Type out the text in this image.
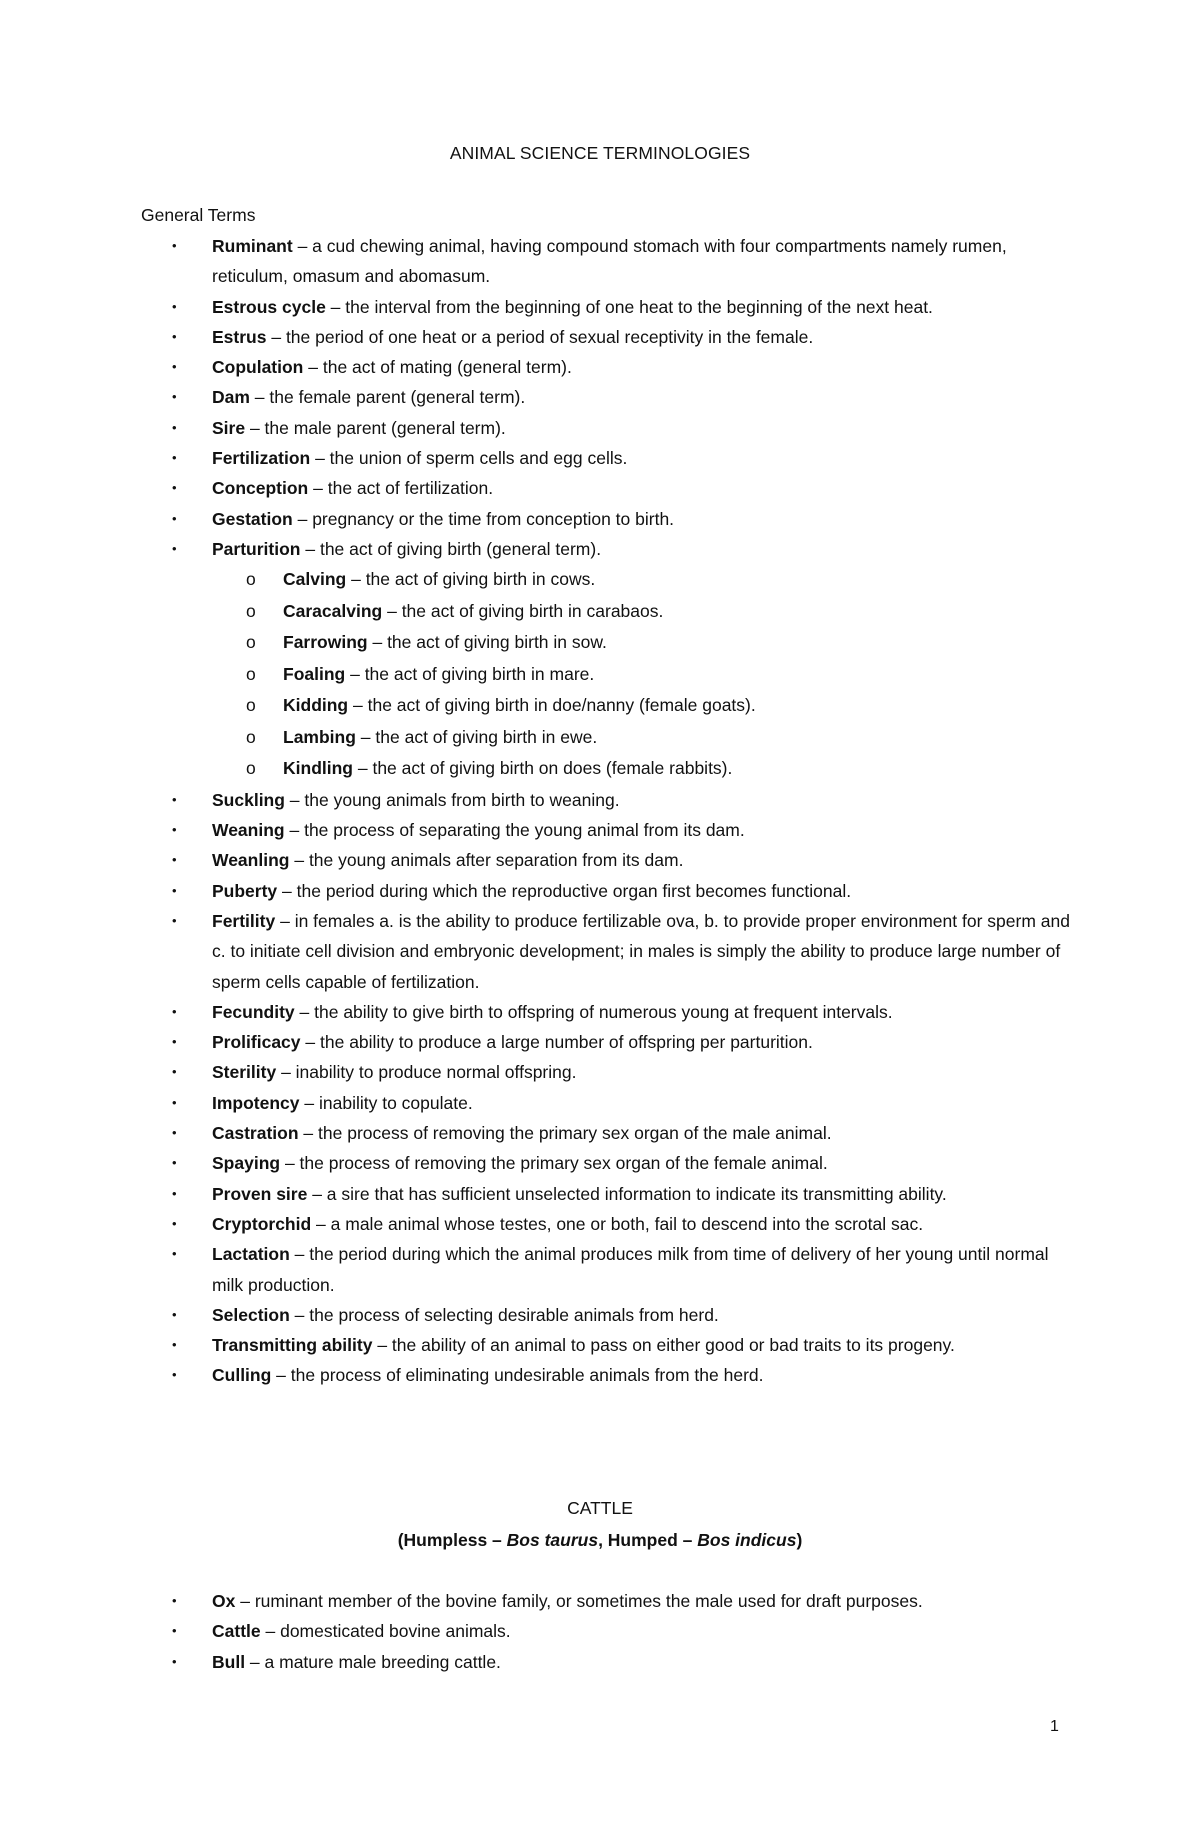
ANIMAL SCIENCE TERMINOLOGIES
General Terms
• Ruminant – a cud chewing animal, having compound stomach with four compartments namely rumen, reticulum, omasum and abomasum.
• Estrous cycle – the interval from the beginning of one heat to the beginning of the next heat.
• Estrus – the period of one heat or a period of sexual receptivity in the female.
• Copulation – the act of mating (general term).
• Dam – the female parent (general term).
• Sire – the male parent (general term).
• Fertilization – the union of sperm cells and egg cells.
• Conception – the act of fertilization.
• Gestation – pregnancy or the time from conception to birth.
• Parturition – the act of giving birth (general term).
o Calving – the act of giving birth in cows.
o Caracalving – the act of giving birth in carabaos.
o Farrowing – the act of giving birth in sow.
o Foaling – the act of giving birth in mare.
o Kidding – the act of giving birth in doe/nanny (female goats).
o Lambing – the act of giving birth in ewe.
o Kindling – the act of giving birth on does (female rabbits).
• Suckling – the young animals from birth to weaning.
• Weaning – the process of separating the young animal from its dam.
• Weanling – the young animals after separation from its dam.
• Puberty – the period during which the reproductive organ first becomes functional.
• Fertility – in females a. is the ability to produce fertilizable ova, b. to provide proper environment for sperm and c. to initiate cell division and embryonic development; in males is simply the ability to produce large number of sperm cells capable of fertilization.
• Fecundity – the ability to give birth to offspring of numerous young at frequent intervals.
• Prolificacy – the ability to produce a large number of offspring per parturition.
• Sterility – inability to produce normal offspring.
• Impotency – inability to copulate.
• Castration – the process of removing the primary sex organ of the male animal.
• Spaying – the process of removing the primary sex organ of the female animal.
• Proven sire – a sire that has sufficient unselected information to indicate its transmitting ability.
• Cryptorchid – a male animal whose testes, one or both, fail to descend into the scrotal sac.
• Lactation – the period during which the animal produces milk from time of delivery of her young until normal milk production.
• Selection – the process of selecting desirable animals from herd.
• Transmitting ability – the ability of an animal to pass on either good or bad traits to its progeny.
• Culling – the process of eliminating undesirable animals from the herd.
CATTLE

(Humpless – Bos taurus, Humped – Bos indicus)

• Ox – ruminant member of the bovine family, or sometimes the male used for draft purposes.
• Cattle – domesticated bovine animals.
• Bull – a mature male breeding cattle.
1
